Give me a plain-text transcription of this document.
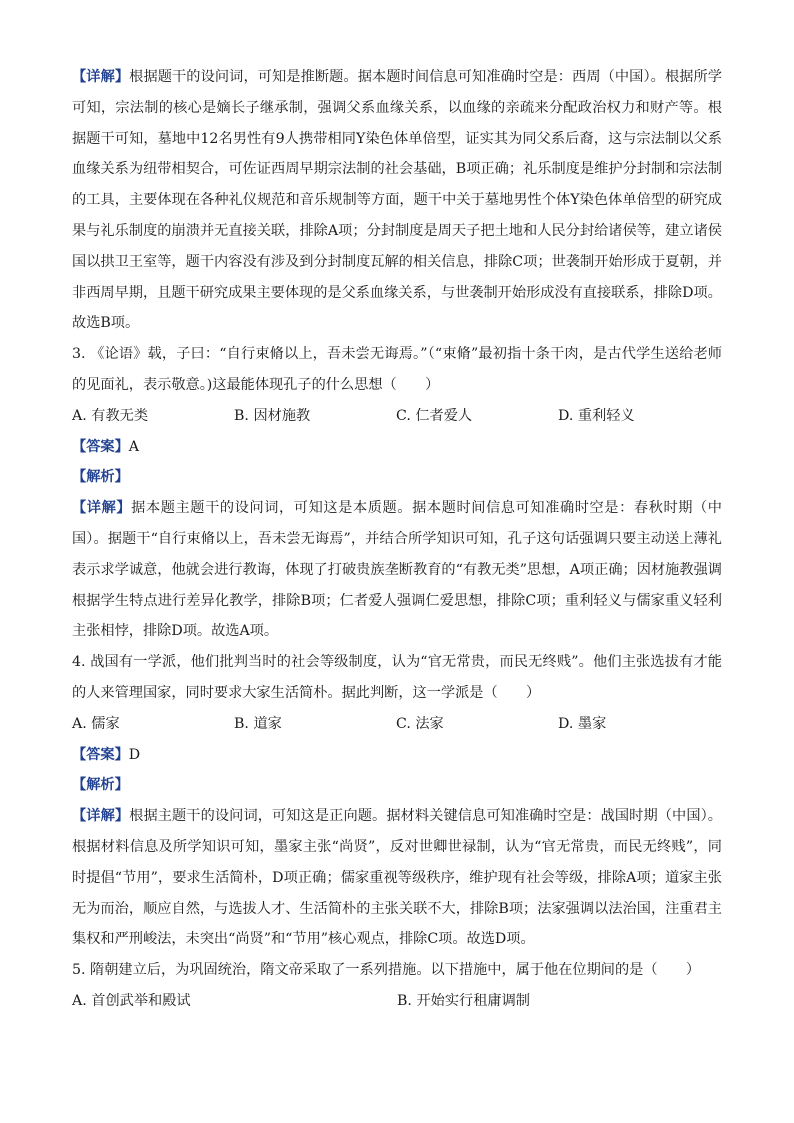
【详解】根据题干的设问词，可知是推断题。据本题时间信息可知准确时空是：西周（中国）。根据所学可知，宗法制的核心是嫡长子继承制，强调父系血缘关系，以血缘的亲疏来分配政治权力和财产等。根据题干可知，墓地中12名男性有9人携带相同Y染色体单倍型，证实其为同父系后裔，这与宗法制以父系血缘关系为纽带相契合，可佐证西周早期宗法制的社会基础，B项正确；礼乐制度是维护分封制和宗法制的工具，主要体现在各种礼仪规范和音乐规制等方面，题干中关于墓地男性个体Y染色体单倍型的研究成果与礼乐制度的崩溃并无直接关联，排除A项；分封制度是周天子把土地和人民分封给诸侯等，建立诸侯国以拱卫王室等，题干内容没有涉及到分封制度瓦解的相关信息，排除C项；世袭制开始形成于夏朝，并非西周早期，且题干研究成果主要体现的是父系血缘关系，与世袭制开始形成没有直接联系，排除D项。

故选B项。

3. 《论语》载，子曰：“自行束脩以上，吾未尝无诲焉。”（“束脩”最初指十条干肉，是古代学生送给老师的见面礼，表示敬意。)这最能体现孔子的什么思想（　　）

A. 有教无类	B. 因材施教	C. 仁者爱人	D. 重利轻义

【答案】A

【解析】

【详解】据本题主题干的设问词，可知这是本质题。据本题时间信息可知准确时空是：春秋时期（中国）。据题干“自行束脩以上，吾未尝无诲焉”，并结合所学知识可知，孔子这句话强调只要主动送上薄礼表示求学诚意，他就会进行教诲，体现了打破贵族垄断教育的“有教无类”思想，A项正确；因材施教强调根据学生特点进行差异化教学，排除B项；仁者爱人强调仁爱思想，排除C项；重利轻义与儒家重义轻利主张相悖，排除D项。故选A项。

4. 战国有一学派，他们批判当时的社会等级制度，认为“官无常贵，而民无终贱”。他们主张选拔有才能的人来管理国家，同时要求大家生活简朴。据此判断，这一学派是（　　）

A. 儒家	B. 道家	C. 法家	D. 墨家

【答案】D

【解析】

【详解】根据主题干的设问词，可知这是正向题。据材料关键信息可知准确时空是：战国时期（中国）。根据材料信息及所学知识可知，墨家主张“尚贤”，反对世卿世禄制，认为“官无常贵，而民无终贱”，同时提倡“节用”，要求生活简朴，D项正确；儒家重视等级秩序，维护现有社会等级，排除A项；道家主张无为而治，顺应自然，与选拔人才、生活简朴的主张关联不大，排除B项；法家强调以法治国，注重君主集权和严刑峻法，未突出“尚贤”和“节用”核心观点，排除C项。故选D项。

5. 隋朝建立后，为巩固统治，隋文帝采取了一系列措施。以下措施中，属于他在位期间的是（　　）

A. 首创武举和殿试	B. 开始实行租庸调制
